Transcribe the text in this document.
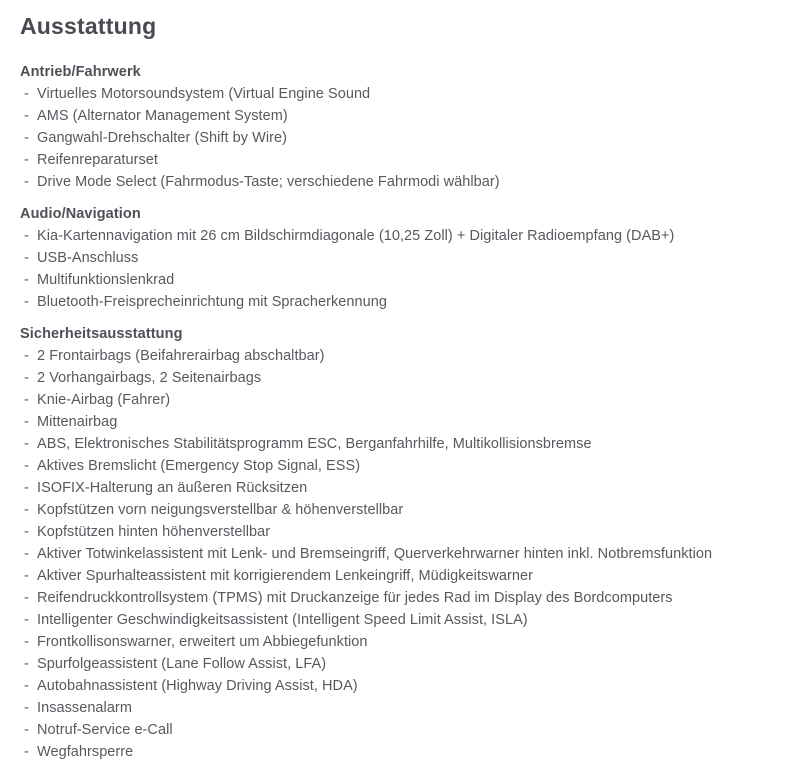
Ausstattung
Antrieb/Fahrwerk
- Virtuelles Motorsoundsystem (Virtual Engine Sound
- AMS (Alternator Management System)
- Gangwahl-Drehschalter (Shift by Wire)
- Reifenreparaturset
- Drive Mode Select (Fahrmodus-Taste; verschiedene Fahrmodi wählbar)
Audio/Navigation
- Kia-Kartennavigation mit 26 cm Bildschirmdiagonale (10,25 Zoll) + Digitaler Radioempfang (DAB+)
- USB-Anschluss
- Multifunktionslenkrad
- Bluetooth-Freisprecheinrichtung mit Spracherkennung
Sicherheitsausstattung
- 2 Frontairbags (Beifahrerairbag abschaltbar)
- 2 Vorhangairbags, 2 Seitenairbags
- Knie-Airbag (Fahrer)
- Mittenairbag
- ABS, Elektronisches Stabilitätsprogramm ESC, Berganfahrhilfe, Multikollisionsbremse
- Aktives Bremslicht (Emergency Stop Signal, ESS)
- ISOFIX-Halterung an äußeren Rücksitzen
- Kopfstützen vorn neigungsverstellbar & höhenverstellbar
- Kopfstützen hinten höhenverstellbar
- Aktiver Totwinkelassistent mit Lenk- und Bremseingriff, Querverkehrwarner hinten inkl. Notbremsfunktion
- Aktiver Spurhalteassistent mit korrigierendem Lenkeingriff, Müdigkeitswarner
- Reifendruckkontrollsystem (TPMS) mit Druckanzeige für jedes Rad im Display des Bordcomputers
- Intelligenter Geschwindigkeitsassistent (Intelligent Speed Limit Assist, ISLA)
- Frontkollisonswarner, erweitert um Abbiegefunktion
- Spurfolgeassistent (Lane Follow Assist, LFA)
- Autobahnassistent (Highway Driving Assist, HDA)
- Insassenalarm
- Notruf-Service e-Call
- Wegfahrsperre
